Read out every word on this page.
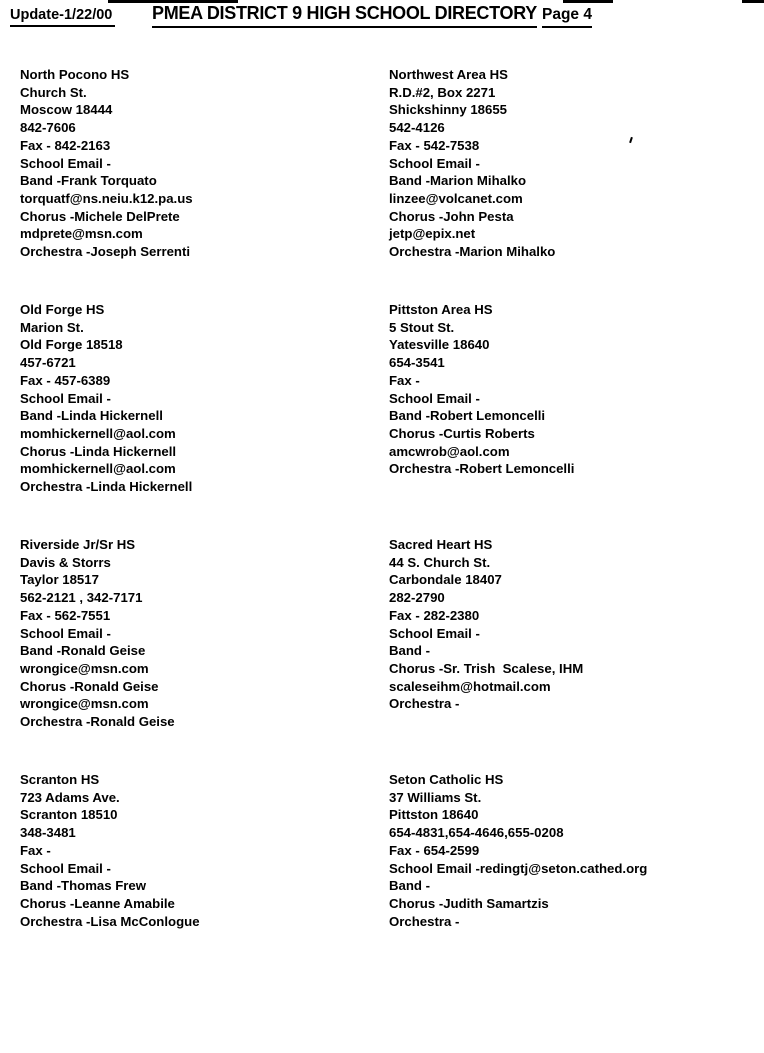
Update-1/22/00 PMEA DISTRICT 9 HIGH SCHOOL DIRECTORY Page 4
North Pocono HS
Church St.
Moscow 18444
842-7606
Fax - 842-2163
School Email -
Band -Frank Torquato
torquatf@ns.neiu.k12.pa.us
Chorus -Michele DelPrete
mdprete@msn.com
Orchestra -Joseph Serrenti
Northwest Area HS
R.D.#2, Box 2271
Shickshinny 18655
542-4126
Fax - 542-7538
School Email -
Band -Marion Mihalko
linzee@volcanet.com
Chorus -John Pesta
jetp@epix.net
Orchestra -Marion Mihalko
Old Forge HS
Marion St.
Old Forge 18518
457-6721
Fax - 457-6389
School Email -
Band -Linda Hickernell
momhickernell@aol.com
Chorus -Linda Hickernell
momhickernell@aol.com
Orchestra -Linda Hickernell
Pittston Area HS
5 Stout St.
Yatesville 18640
654-3541
Fax -
School Email -
Band -Robert Lemoncelli
Chorus -Curtis Roberts
amcwrob@aol.com
Orchestra -Robert Lemoncelli
Riverside Jr/Sr HS
Davis & Storrs
Taylor 18517
562-2121 , 342-7171
Fax - 562-7551
School Email -
Band -Ronald Geise
wrongice@msn.com
Chorus -Ronald Geise
wrongice@msn.com
Orchestra -Ronald Geise
Sacred Heart HS
44 S. Church St.
Carbondale 18407
282-2790
Fax - 282-2380
School Email -
Band -
Chorus -Sr. Trish  Scalese, IHM
scaleseihm@hotmail.com
Orchestra -
Scranton HS
723 Adams Ave.
Scranton 18510
348-3481
Fax -
School Email -
Band -Thomas Frew
Chorus -Leanne Amabile
Orchestra -Lisa McConlogue
Seton Catholic HS
37 Williams St.
Pittston 18640
654-4831,654-4646,655-0208
Fax - 654-2599
School Email -redingtj@seton.cathed.org
Band -
Chorus -Judith Samartzis
Orchestra -
